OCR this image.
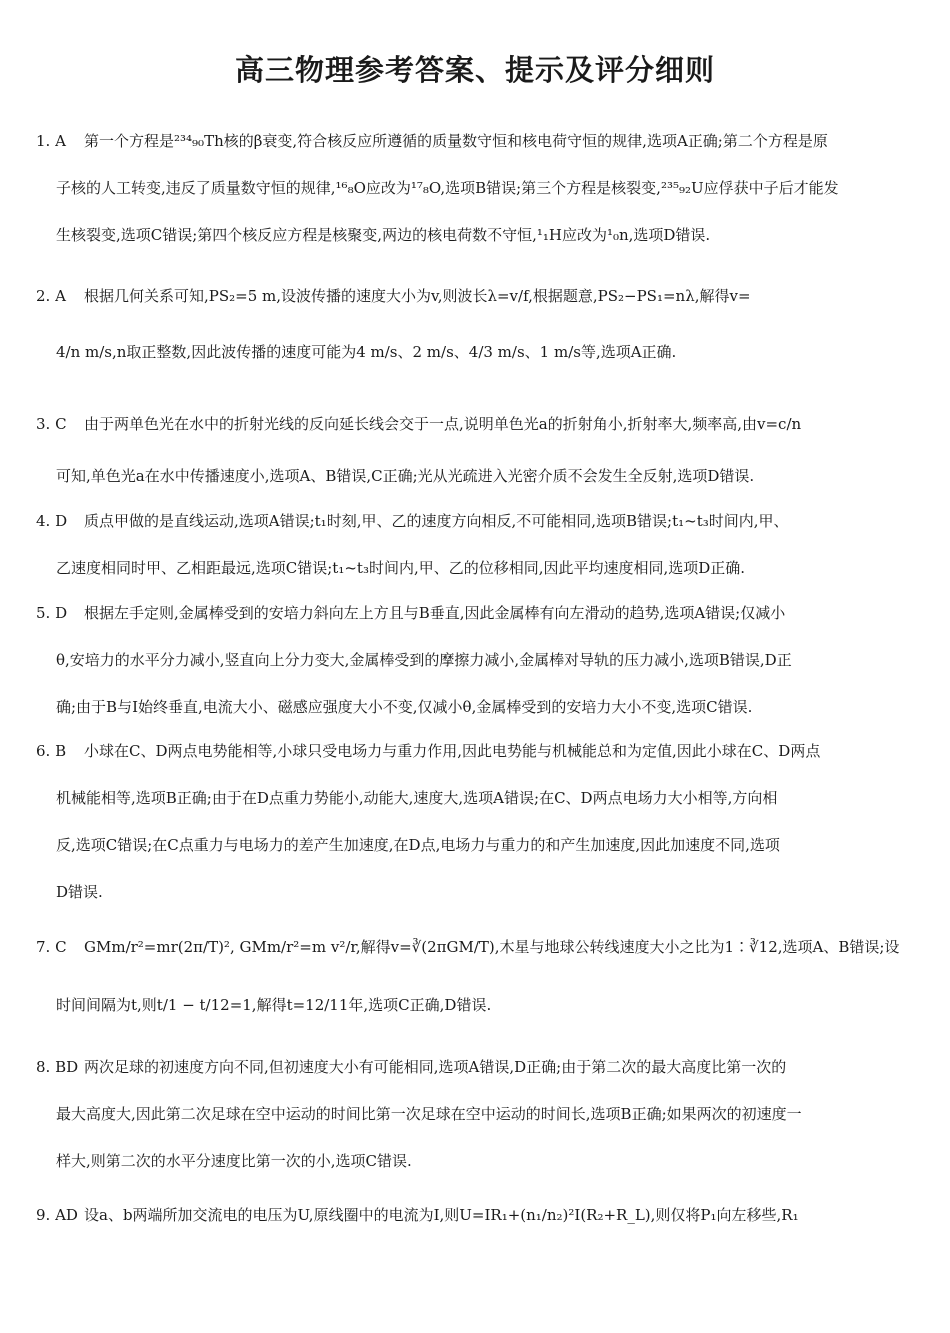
高三物理参考答案、提示及评分细则
1. A 第一个方程是²³⁴₉₀Th核的β衰变,符合核反应所遵循的质量数守恒和核电荷守恒的规律,选项A正确;第二个方程是原
子核的人工转变,违反了质量数守恒的规律,¹⁶₈O应改为¹⁷₈O,选项B错误;第三个方程是核裂变,²³⁵₉₂U应俘获中子后才能发
生核裂变,选项C错误;第四个核反应方程是核聚变,两边的核电荷数不守恒,¹₁H应改为¹₀n,选项D错误.
2. A 根据几何关系可知,PS₂=5 m,设波传播的速度大小为v,则波长λ=v/f,根据题意,PS₂−PS₁=nλ,解得v=
4/n m/s,n取正整数,因此波传播的速度可能为4 m/s、2 m/s、4/3 m/s、1 m/s等,选项A正确.
3. C 由于两单色光在水中的折射光线的反向延长线会交于一点,说明单色光a的折射角小,折射率大,频率高,由v=c/n
可知,单色光a在水中传播速度小,选项A、B错误,C正确;光从光疏进入光密介质不会发生全反射,选项D错误.
4. D 质点甲做的是直线运动,选项A错误;t₁时刻,甲、乙的速度方向相反,不可能相同,选项B错误;t₁~t₃时间内,甲、
乙速度相同时甲、乙相距最远,选项C错误;t₁~t₃时间内,甲、乙的位移相同,因此平均速度相同,选项D正确.
5. D 根据左手定则,金属棒受到的安培力斜向左上方且与B垂直,因此金属棒有向左滑动的趋势,选项A错误;仅减小
θ,安培力的水平分力减小,竖直向上分力变大,金属棒受到的摩擦力减小,金属棒对导轨的压力减小,选项B错误,D正
确;由于B与I始终垂直,电流大小、磁感应强度大小不变,仅减小θ,金属棒受到的安培力大小不变,选项C错误.
6. B 小球在C、D两点电势能相等,小球只受电场力与重力作用,因此电势能与机械能总和为定值,因此小球在C、D两点
机械能相等,选项B正确;由于在D点重力势能小,动能大,速度大,选项A错误;在C、D两点电场力大小相等,方向相
反,选项C错误;在C点重力与电场力的差产生加速度,在D点,电场力与重力的和产生加速度,因此加速度不同,选项
D错误.
7. C GMm/r²=mr(2π/T)², GMm/r²=m v²/r,解得v=∛(2πGM/T),木星与地球公转线速度大小之比为1∶∛12,选项A、B错误;设
时间间隔为t,则t/1 − t/12=1,解得t=12/11年,选项C正确,D错误.
8. BD 两次足球的初速度方向不同,但初速度大小有可能相同,选项A错误,D正确;由于第二次的最大高度比第一次的
最大高度大,因此第二次足球在空中运动的时间比第一次足球在空中运动的时间长,选项B正确;如果两次的初速度一
样大,则第二次的水平分速度比第一次的小,选项C错误.
9. AD 设a、b两端所加交流电的电压为U,原线圈中的电流为I,则U=IR₁+(n₁/n₂)²I(R₂+R_L),则仅将P₁向左移些,R₁
